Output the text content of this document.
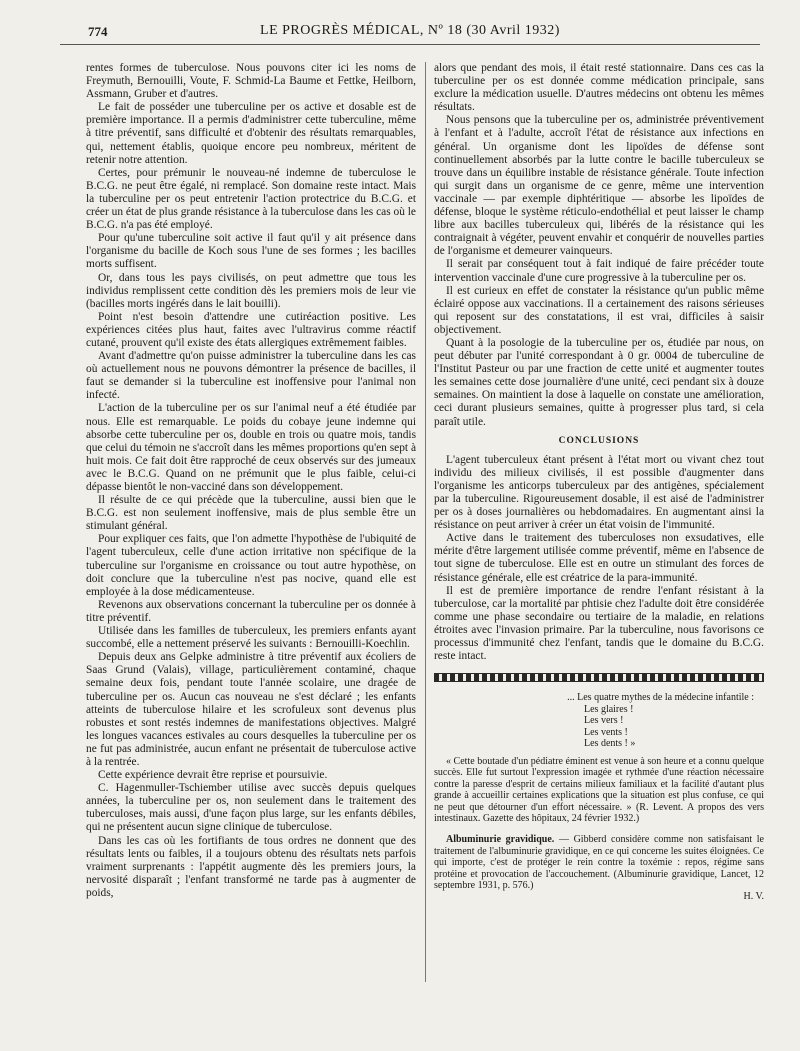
774	LE PROGRÈS MÉDICAL, Nº 18 (30 Avril 1932)

rentes formes de tuberculose. Nous pouvons citer ici les noms de Freymuth, Bernouilli, Voute, F. Schmid-La Baume et Fettke, Heilborn, Assmann, Gruber et d'autres.

Le fait de posséder une tuberculine per os active et dosable est de première importance. Il a permis d'administrer cette tuberculine, même à titre préventif, sans difficulté et d'obtenir des résultats remarquables, qui, nettement établis, quoique encore peu nombreux, méritent de retenir notre attention.

Certes, pour prémunir le nouveau-né indemne de tuberculose le B.C.G. ne peut être égalé, ni remplacé. Son domaine reste intact. Mais la tuberculine per os peut entretenir l'action protectrice du B.C.G. et créer un état de plus grande résistance à la tuberculose dans les cas où le B.C.G. n'a pas été employé.

Pour qu'une tuberculine soit active il faut qu'il y ait présence dans l'organisme du bacille de Koch sous l'une de ses formes ; les bacilles morts suffisent.

Or, dans tous les pays civilisés, on peut admettre que tous les individus remplissent cette condition dès les premiers mois de leur vie (bacilles morts ingérés dans le lait bouilli).

Point n'est besoin d'attendre une cutiréaction positive. Les expériences citées plus haut, faites avec l'ultravirus comme réactif cutané, prouvent qu'il existe des états allergiques extrêmement faibles.

Avant d'admettre qu'on puisse administrer la tuberculine dans les cas où actuellement nous ne pouvons démontrer la présence de bacilles, il faut se demander si la tuberculine est inoffensive pour l'animal non infecté.

L'action de la tuberculine per os sur l'animal neuf a été étudiée par nous. Elle est remarquable. Le poids du cobaye jeune indemne qui absorbe cette tuberculine per os, double en trois ou quatre mois, tandis que celui du témoin ne s'accroît dans les mêmes proportions qu'en sept à huit mois. Ce fait doit être rapproché de ceux observés sur des jumeaux avec le B.C.G. Quand on ne prémunit que le plus faible, celui-ci dépasse bientôt le non-vacciné dans son développement.

Il résulte de ce qui précède que la tuberculine, aussi bien que le B.C.G. est non seulement inoffensive, mais de plus semble être un stimulant général.

Pour expliquer ces faits, que l'on admette l'hypothèse de l'ubiquité de l'agent tuberculeux, celle d'une action irritative non spécifique de la tuberculine sur l'organisme en croissance ou tout autre hypothèse, on doit conclure que la tuberculine n'est pas nocive, quand elle est employée à la dose médicamenteuse.

Revenons aux observations concernant la tuberculine per os donnée à titre préventif.

Utilisée dans les familles de tuberculeux, les premiers enfants ayant succombé, elle a nettement préservé les suivants : Bernouilli-Koechlin.

Depuis deux ans Gelpke administre à titre préventif aux écoliers de Saas Grund (Valais), village, particulièrement contaminé, chaque semaine deux fois, pendant toute l'année scolaire, une dragée de tuberculine per os. Aucun cas nouveau ne s'est déclaré ; les enfants atteints de tuberculose hilaire et les scrofuleux sont devenus plus robustes et sont restés indemnes de manifestations objectives. Malgré les longues vacances estivales au cours desquelles la tuberculine per os ne fut pas administrée, aucun enfant ne présentait de tuberculose active à la rentrée.

Cette expérience devrait être reprise et poursuivie.

C. Hagenmuller-Tschiember utilise avec succès depuis quelques années, la tuberculine per os, non seulement dans le traitement des tuberculoses, mais aussi, d'une façon plus large, sur les enfants débiles, qui ne présentent aucun signe clinique de tuberculose.

Dans les cas où les fortifiants de tous ordres ne donnent que des résultats lents ou faibles, il a toujours obtenu des résultats nets parfois vraiment surprenants : l'appétit augmente dès les premiers jours, la nervosité disparaît ; l'enfant transformé ne tarde pas à augmenter de poids,

alors que pendant des mois, il était resté stationnaire. Dans ces cas la tuberculine per os est donnée comme médication principale, sans exclure la médication usuelle. D'autres médecins ont obtenu les mêmes résultats.

Nous pensons que la tuberculine per os, administrée préventivement à l'enfant et à l'adulte, accroît l'état de résistance aux infections en général. Un organisme dont les lipoïdes de défense sont continuellement absorbés par la lutte contre le bacille tuberculeux se trouve dans un équilibre instable de résistance générale. Toute infection qui surgit dans un organisme de ce genre, même une intervention vaccinale — par exemple diphtéritique — absorbe les lipoïdes de défense, bloque le système réticulo-endothélial et peut laisser le champ libre aux bacilles tuberculeux qui, libérés de la résistance qui les contraignait à végéter, peuvent envahir et conquérir de nouvelles parties de l'organisme et demeurer vainqueurs.

Il serait par conséquent tout à fait indiqué de faire précéder toute intervention vaccinale d'une cure progressive à la tuberculine per os.

Il est curieux en effet de constater la résistance qu'un public même éclairé oppose aux vaccinations. Il a certainement des raisons sérieuses qui reposent sur des constatations, il est vrai, difficiles à saisir objectivement.

Quant à la posologie de la tuberculine per os, étudiée par nous, on peut débuter par l'unité correspondant à 0 gr. 0004 de tuberculine de l'Institut Pasteur ou par une fraction de cette unité et augmenter toutes les semaines cette dose journalière d'une unité, ceci pendant six à douze semaines. On maintient la dose à laquelle on constate une amélioration, ceci durant plusieurs semaines, quitte à progresser plus tard, si cela paraît utile.

CONCLUSIONS

L'agent tuberculeux étant présent à l'état mort ou vivant chez tout individu des milieux civilisés, il est possible d'augmenter dans l'organisme les anticorps tuberculeux par des antigènes, spécialement par la tuberculine. Rigoureusement dosable, il est aisé de l'administrer per os à doses journalières ou hebdomadaires. En augmentant ainsi la résistance on peut arriver à créer un état voisin de l'immunité.

Active dans le traitement des tuberculoses non exsudatives, elle mérite d'être largement utilisée comme préventif, même en l'absence de tout signe de tuberculose. Elle est en outre un stimulant des forces de résistance générale, elle est créatrice de la para-immunité.

Il est de première importance de rendre l'enfant résistant à la tuberculose, car la mortalité par phtisie chez l'adulte doit être considérée comme une phase secondaire ou tertiaire de la maladie, en relations étroites avec l'invasion primaire. Par la tuberculine, nous favorisons ce processus d'immunité chez l'enfant, tandis que le domaine du B.C.G. reste intact.

... Les quatre mythes de la médecine infantile :
Les glaires !
Les vers !
Les vents !
Les dents ! »

« Cette boutade d'un pédiatre éminent est venue à son heure et a connu quelque succès. Elle fut surtout l'expression imagée et rythmée d'une réaction nécessaire contre la paresse d'esprit de certains milieux familiaux et la facilité d'autant plus grande à accueillir certaines explications que la situation est plus confuse, ce qui ne peut que détourner d'un effort nécessaire. » (R. Levent. A propos des vers intestinaux. Gazette des hôpitaux, 24 février 1932.)

Albuminurie gravidique. — Gibberd considère comme non satisfaisant le traitement de l'albuminurie gravidique, en ce qui concerne les suites éloignées. Ce qui importe, c'est de protéger le rein contre la toxémie : repos, régime sans protéine et provocation de l'accouchement. (Albuminurie gravidique, Lancet, 12 septembre 1931, p. 576.)

H. V.
